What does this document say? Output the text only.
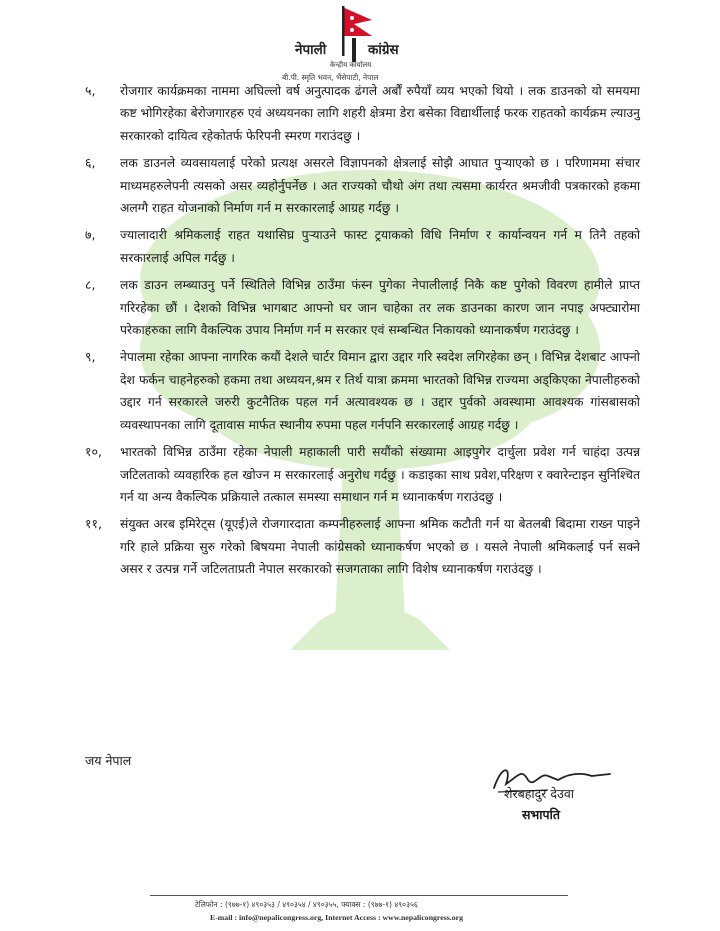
नेपाली	कांग्रेस
केन्द्रीय कार्यालय
बी.पी. स्मृति भवन, भैंसेपाटी, नेपाल
५,	रोजगार कार्यक्रमका नाममा अघिल्लो वर्ष अनुत्पादक ढंगले अर्बौं रुपैयाँ व्यय भएको थियो । लक डाउनको यो समयमा कष्ट भोगिरहेका बेरोजगारहरु एवं अध्ययनका लागि शहरी क्षेत्रमा डेरा बसेका विद्यार्थीलाई फरक राहतको कार्यक्रम ल्याउनु सरकारको दायित्व रहेकोतर्फ फेरिपनी स्मरण गराउंदछु ।
६,	लक डाउनले व्यवसायलाई परेको प्रत्यक्ष असरले विज्ञापनको क्षेत्रलाई सोझै आघात पुऱ्याएको छ । परिणाममा संचार माध्यमहरुलेपनी त्यसको असर व्यहोर्नुपर्नेछ । अत राज्यको चौथो अंग तथा त्यसमा कार्यरत श्रमजीवी पत्रकारको हकमा अलग्गै राहत योजनाको निर्माण गर्न म सरकारलाई आग्रह गर्दछु ।
७,	ज्यालादारी श्रमिकलाई राहत यथासिघ्र पुऱ्याउने फास्ट ट्रयाकको विधि निर्माण र कार्यान्वयन गर्न म तिनै तहको सरकारलाई अपिल गर्दछु ।
८,	लक डाउन लम्ब्याउनु पर्ने स्थितिले विभिन्न ठाउँमा फंस्न पुगेका नेपालीलाई निकै कष्ट पुगेको विवरण हामीले प्राप्त गरिरहेका छौं । देशको विभिन्न भागबाट आफ्नो घर जान चाहेका तर लक डाउनका कारण जान नपाइ अफ्ट्यारोमा परेकाहरुका लागि वैकल्पिक उपाय निर्माण गर्न म सरकार एवं सम्बन्धित निकायको ध्यानाकर्षण गराउंदछु ।
९,	नेपालमा रहेका आफ्ना नागरिक कयौं देशले चार्टर विमान द्वारा उद्दार गरि स्वदेश लगिरहेका छन् । विभिन्न देशबाट आफ्नो देश फर्कन चाहनेहरुको हकमा तथा अध्ययन,श्रम र तिर्थ यात्रा क्रममा भारतको विभिन्न राज्यमा अड्किएका नेपालीहरुको उद्दार गर्न सरकारले जरुरी कुटनैतिक पहल गर्न अत्यावश्यक छ । उद्दार पुर्वको अवस्थामा आवश्यक गांसबासको व्यवस्थापनका लागि दूतावास मार्फत स्थानीय रुपमा पहल गर्नपनि सरकारलाई आग्रह गर्दछु ।
१०,	भारतको विभिन्न ठाउँमा रहेका नेपाली महाकाली पारी सयौंको संख्यामा आइपुगेर दार्चुला प्रवेश गर्न चाहंदा उत्पन्न जटिलताको व्यवहारिक हल खोज्न म सरकारलाई अनुरोध गर्दछु । कडाइका साथ प्रवेश,परिक्षण र क्वारेन्टाइन सुनिश्चित गर्न या अन्य वैकल्पिक प्रक्रियाले तत्काल समस्या समाधान गर्न म ध्यानाकर्षण गराउंदछु ।
११,	संयुक्त अरब इमिरेट्स (यूएई)ले रोजगारदाता कम्पनीहरुलाई आफ्ना श्रमिक कटौती गर्न या बेतलबी बिदामा राख्न पाइने गरि हाले प्रक्रिया सुरु गरेको बिषयमा नेपाली कांग्रेसको ध्यानाकर्षण भएको छ । यसले नेपाली श्रमिकलाई पर्न सक्ने असर र उत्पन्न गर्ने जटिलताप्रती नेपाल सरकारको सजगताका लागि विशेष ध्यानाकर्षण गराउंदछु ।
जय नेपाल
शेरबहादुर देउवा
सभापति
टेलिफोन : (९७७-१) ४९०३५३ / ४९०३५४ / ४९०३५५, फ्याक्स : (९७७-१) ४९०३५६
E-mail : info@nepalicongress.org, Internet Access : www.nepalicongress.org
